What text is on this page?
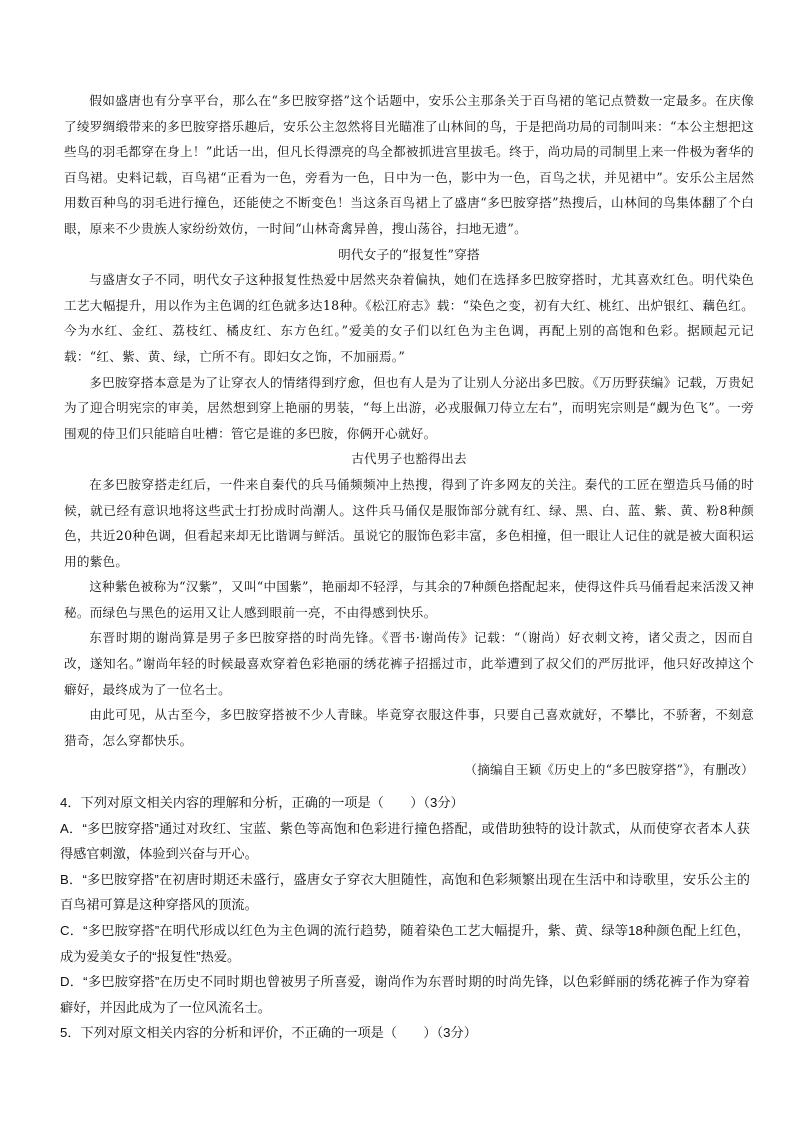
假如盛唐也有分享平台，那么在“多巴胺穿搭”这个话题中，安乐公主那条关于百鸟裙的笔记点赞数一定最多。在庆像了绫罗绸缎带来的多巴胺穿搭乐趣后，安乐公主忽然将目光瞄准了山林间的鸟，于是把尚功局的司制叫来：“本公主想把这些鸟的羽毛都穿在身上！”此话一出，但凡长得漂亮的鸟全都被抓进宫里拔毛。终于，尚功局的司制里上来一件极为奢华的百鸟裙。史料记载，百鸟裙“正看为一色，旁看为一色，日中为一色，影中为一色，百鸟之状，并见裙中”。安乐公主居然用数百种鸟的羽毛进行撞色，还能使之不断变色！当这条百鸟裙上了盛唐“多巴胺穿搭”热搜后，山林间的鸟集体翻了个白眼，原来不少贵族人家纷纷效仿，一时间“山林奇禽异兽，搜山荡谷，扫地无遗”。

明代女子的“报复性”穿搭

与盛唐女子不同，明代女子这种报复性热爱中居然夹杂着偏执，她们在选择多巴胺穿搭时，尤其喜欢红色。明代染色工艺大幅提升，用以作为主色调的红色就多达18种。《松江府志》载：“染色之变，初有大红、桃红、出炉银红、藕色红。今为水红、金红、荔枝红、橘皮红、东方色红。”爱美的女子们以红色为主色调，再配上别的高饱和色彩。据顾起元记载：“红、紫、黄、绿，亡所不有。即妇女之饰，不加丽焉。”

多巴胺穿搭本意是为了让穿衣人的情绪得到疗愈，但也有人是为了让别人分泌出多巴胺。《万历野获编》记载，万贵妃为了迎合明宪宗的审美，居然想到穿上艳丽的男装，“每上出游，必戎服佩刀侍立左右”，而明宪宗则是“觑为色飞”。一旁围观的侍卫们只能暗自吐槽：管它是谁的多巴胺，你俩开心就好。

古代男子也豁得出去

在多巴胺穿搭走红后，一件来自秦代的兵马俑频频冲上热搜，得到了许多网友的关注。秦代的工匠在塑造兵马俑的时候，就已经有意识地将这些武士打扮成时尚潮人。这件兵马俑仅是服饰部分就有红、绿、黑、白、蓝、紫、黄、粉8种颜色，共近20种色调，但看起来却无比谐调与鲜活。虽说它的服饰色彩丰富，多色相撞，但一眼让人记住的就是被大面积运用的紫色。

这种紫色被称为“汉紫”，又叫“中国紫”，艳丽却不轻浮，与其余的7种颜色搭配起来，使得这件兵马俑看起来活泼又神秘。而绿色与黑色的运用又让人感到眼前一亮，不由得感到快乐。

东晋时期的谢尚算是男子多巴胺穿搭的时尚先锋。《晋书·谢尚传》记载：“（谢尚）好衣刺文袴，诸父责之，因而自改，遂知名。”谢尚年轻的时候最喜欢穿着色彩艳丽的绣花裤子招摇过市，此举遭到了叔父们的严厉批评，他只好改掉这个癖好，最终成为了一位名士。

由此可见，从古至今，多巴胺穿搭被不少人青睐。毕竟穿衣服这件事，只要自己喜欢就好，不攀比，不骄奢，不刻意猎奇，怎么穿都快乐。

（摘编自王颖《历史上的“多巴胺穿搭”》，有删改）

4．下列对原文相关内容的理解和分析，正确的一项是（　　）（3分）

A．“多巴胺穿搭”通过对玫红、宝蓝、紫色等高饱和色彩进行撞色搭配，或借助独特的设计款式，从而使穿衣者本人获得感官刺激，体验到兴奋与开心。

B．“多巴胺穿搭”在初唐时期还未盛行，盛唐女子穿衣大胆随性，高饱和色彩频繁出现在生活中和诗歌里，安乐公主的百鸟裙可算是这种穿搭风的顶流。

C．“多巴胺穿搭”在明代形成以红色为主色调的流行趋势，随着染色工艺大幅提升，紫、黄、绿等18种颜色配上红色，成为爱美女子的“报复性”热爱。

D．“多巴胺穿搭”在历史不同时期也曾被男子所喜爱，谢尚作为东晋时期的时尚先锋，以色彩鲜丽的绣花裤子作为穿着癖好，并因此成为了一位风流名士。

5．下列对原文相关内容的分析和评价，不正确的一项是（　　）（3分）
